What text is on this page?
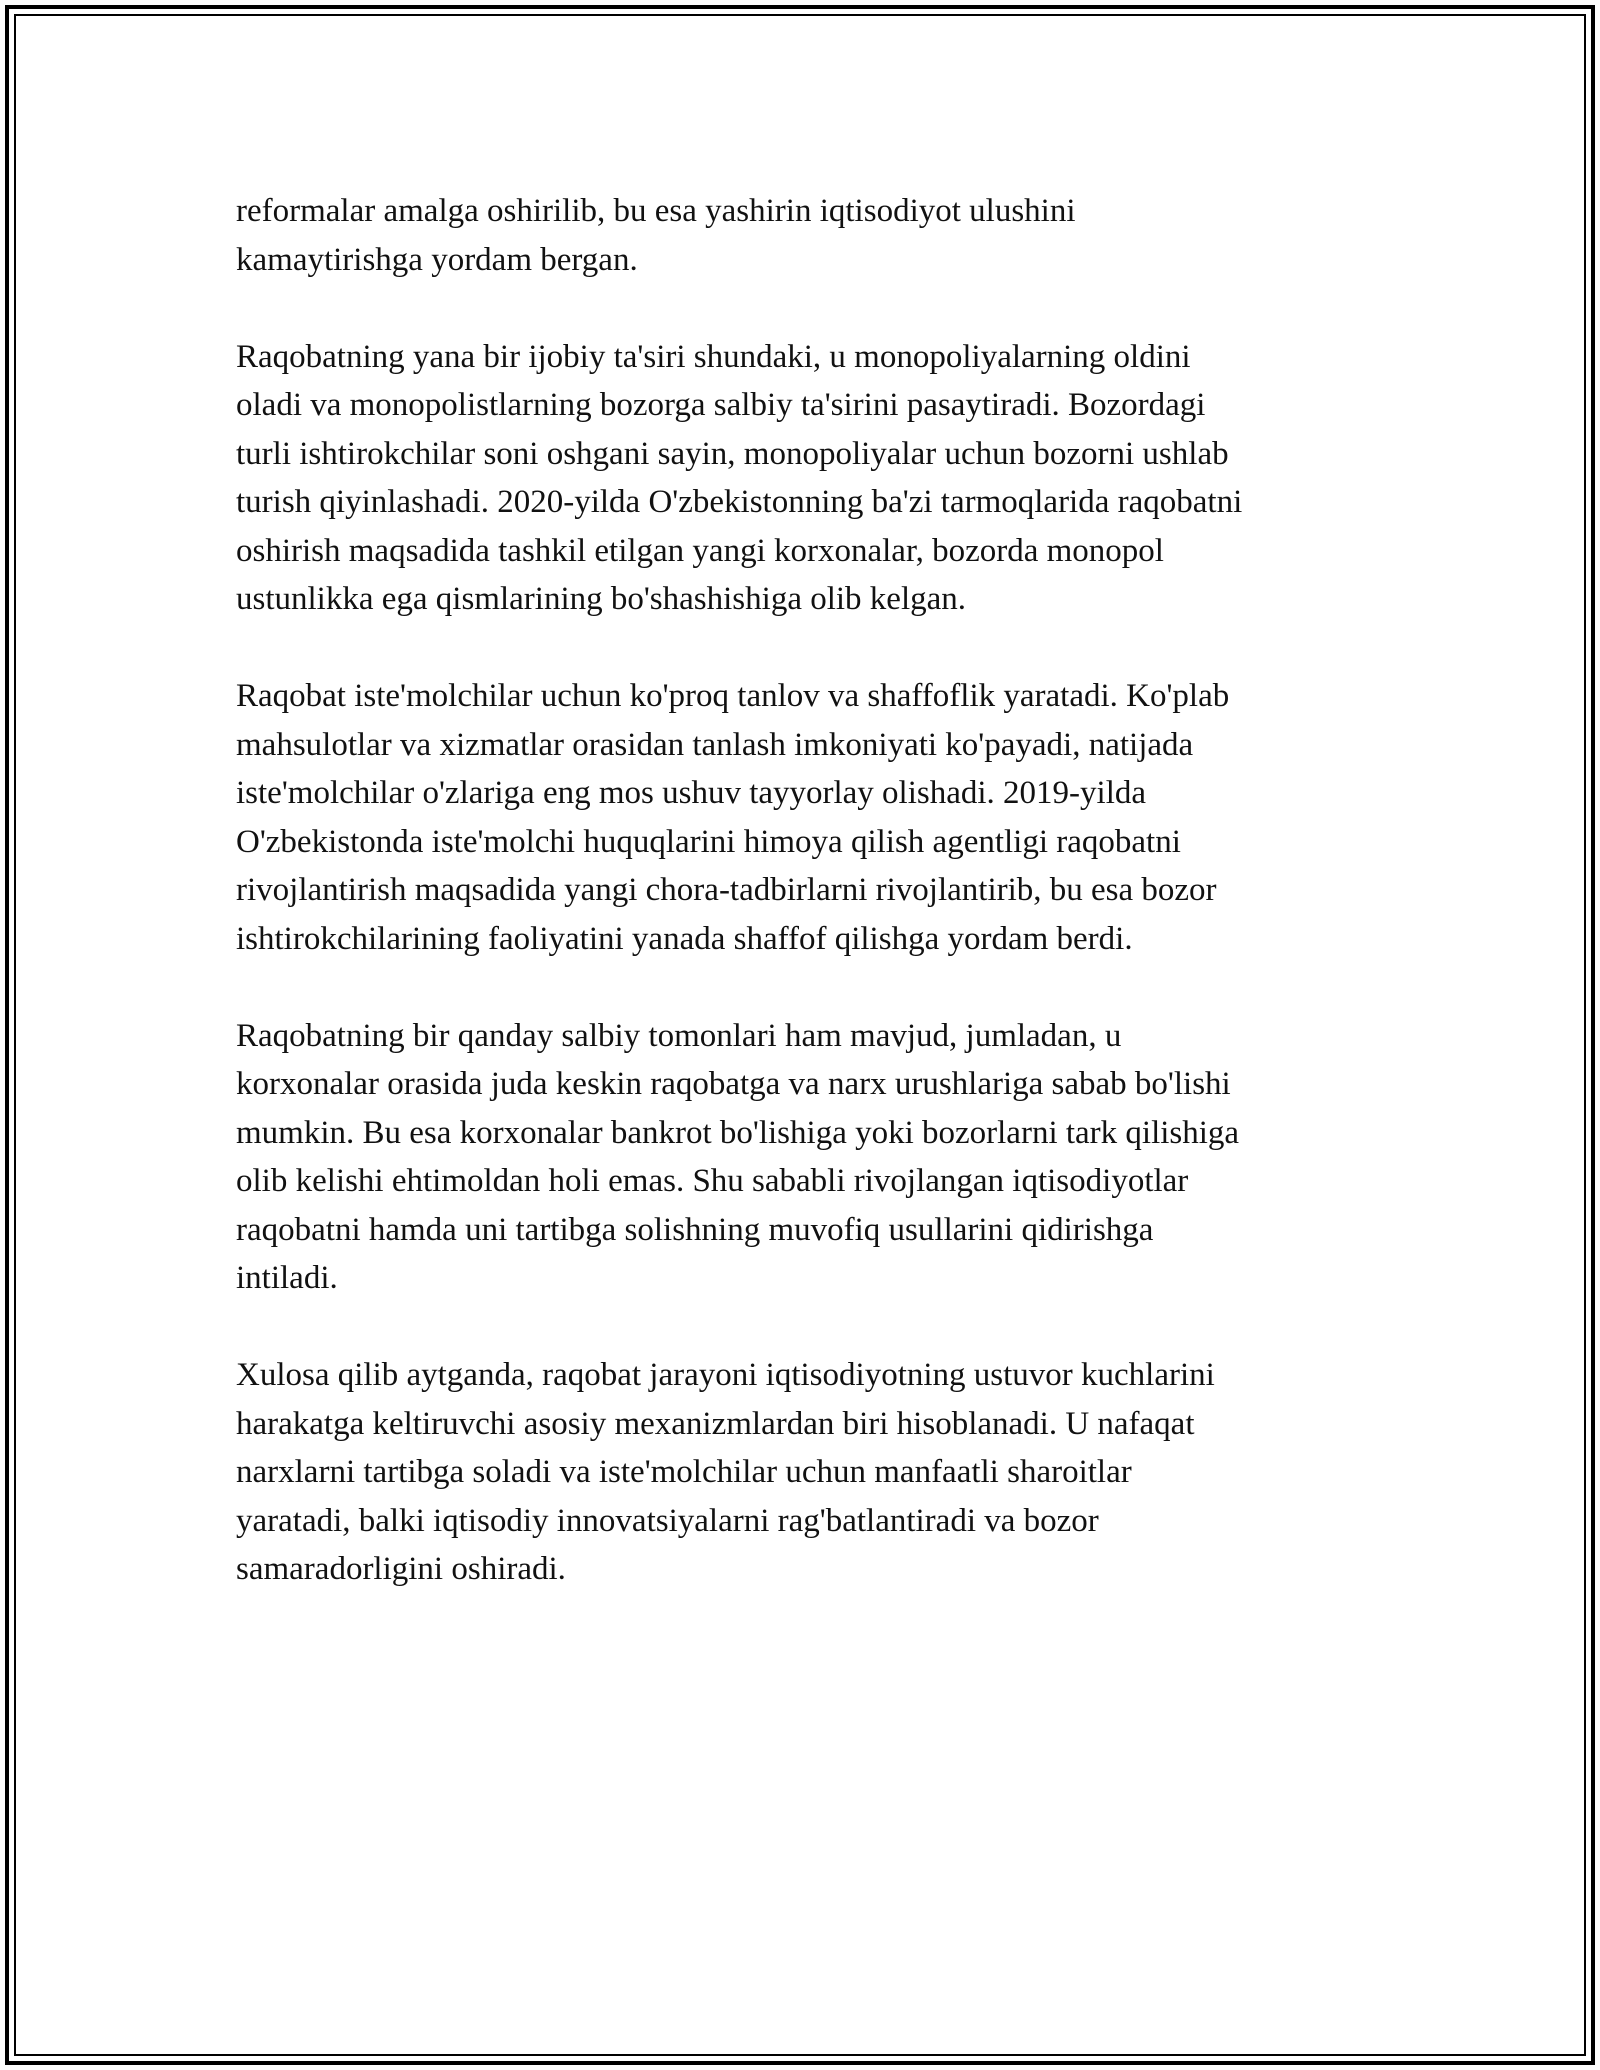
reformalar amalga oshirilib, bu esa yashirin iqtisodiyot ulushini
kamaytirishga yordam bergan.

Raqobatning yana bir ijobiy ta'siri shundaki, u monopoliyalarning oldini
oladi va monopolistlarning bozorga salbiy ta'sirini pasaytiradi. Bozordagi
turli ishtirokchilar soni oshgani sayin, monopoliyalar uchun bozorni ushlab
turish qiyinlashadi. 2020-yilda O'zbekistonning ba'zi tarmoqlarida raqobatni
oshirish maqsadida tashkil etilgan yangi korxonalar, bozorda monopol
ustunlikka ega qismlarining bo'shashishiga olib kelgan.

Raqobat iste'molchilar uchun ko'proq tanlov va shaffoflik yaratadi. Ko'plab
mahsulotlar va xizmatlar orasidan tanlash imkoniyati ko'payadi, natijada
iste'molchilar o'zlariga eng mos ushuv tayyorlay olishadi. 2019-yilda
O'zbekistonda iste'molchi huquqlarini himoya qilish agentligi raqobatni
rivojlantirish maqsadida yangi chora-tadbirlarni rivojlantirib, bu esa bozor
ishtirokchilarining faoliyatini yanada shaffof qilishga yordam berdi.

Raqobatning bir qanday salbiy tomonlari ham mavjud, jumladan, u
korxonalar orasida juda keskin raqobatga va narx urushlariga sabab bo'lishi
mumkin. Bu esa korxonalar bankrot bo'lishiga yoki bozorlarni tark qilishiga
olib kelishi ehtimoldan holi emas. Shu sababli rivojlangan iqtisodiyotlar
raqobatni hamda uni tartibga solishning muvofiq usullarini qidirishga
intiladi.

Xulosa qilib aytganda, raqobat jarayoni iqtisodiyotning ustuvor kuchlarini
harakatga keltiruvchi asosiy mexanizmlardan biri hisoblanadi. U nafaqat
narxlarni tartibga soladi va iste'molchilar uchun manfaatli sharoitlar
yaratadi, balki iqtisodiy innovatsiyalarni rag'batlantiradi va bozor
samaradorligini oshiradi.
